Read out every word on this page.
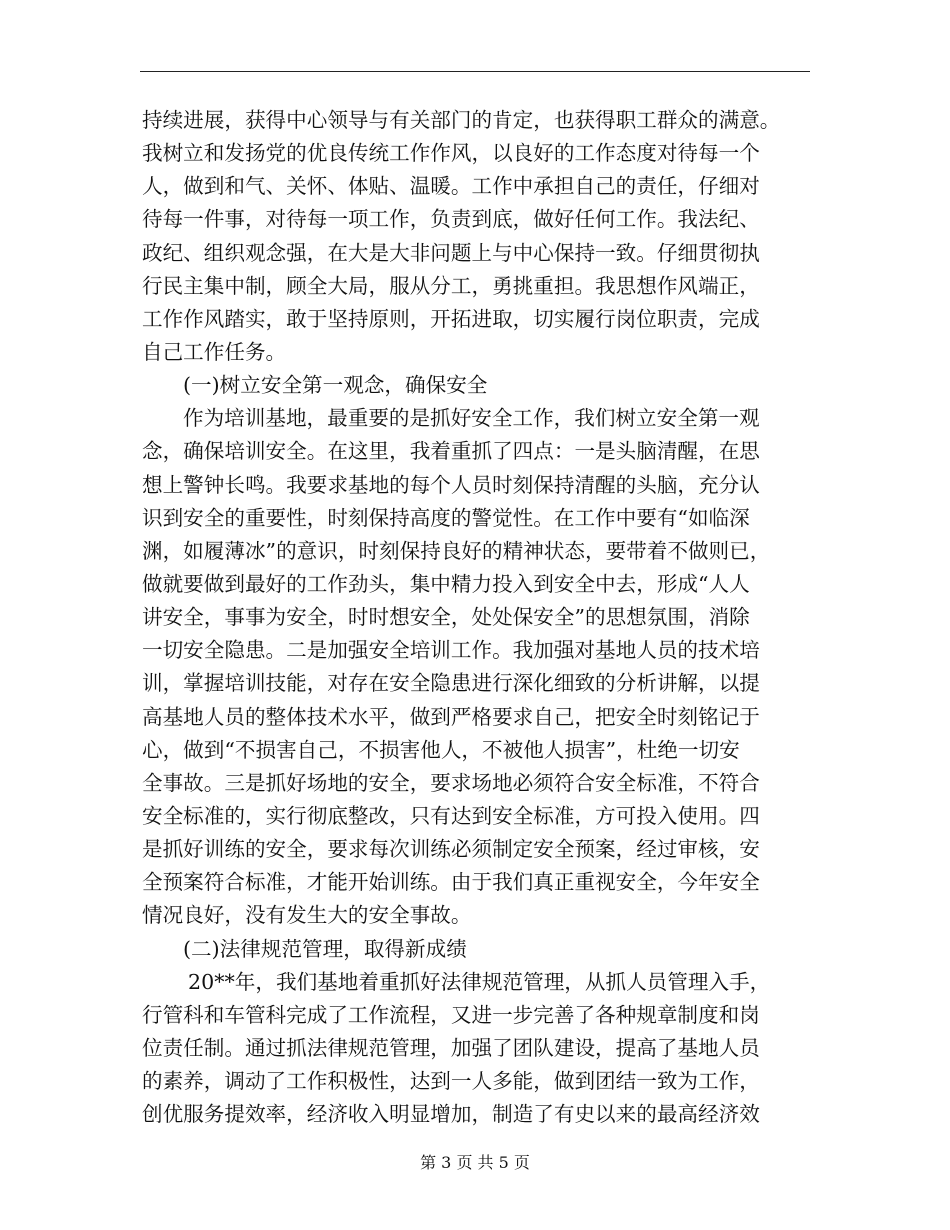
持续进展，获得中心领导与有关部门的肯定，也获得职工群众的满意。
我树立和发扬党的优良传统工作作风，以良好的工作态度对待每一个
人，做到和气、关怀、体贴、温暖。工作中承担自己的责任，仔细对
待每一件事，对待每一项工作，负责到底，做好任何工作。我法纪、
政纪、组织观念强，在大是大非问题上与中心保持一致。仔细贯彻执
行民主集中制，顾全大局，服从分工，勇挑重担。我思想作风端正，
工作作风踏实，敢于坚持原则，开拓进取，切实履行岗位职责，完成
自己工作任务。
(一)树立安全第一观念，确保安全
作为培训基地，最重要的是抓好安全工作，我们树立安全第一观
念，确保培训安全。在这里，我着重抓了四点：一是头脑清醒，在思
想上警钟长鸣。我要求基地的每个人员时刻保持清醒的头脑，充分认
识到安全的重要性，时刻保持高度的警觉性。在工作中要有“如临深
渊，如履薄冰”的意识，时刻保持良好的精神状态，要带着不做则已，
做就要做到最好的工作劲头，集中精力投入到安全中去，形成“人人
讲安全，事事为安全，时时想安全，处处保安全”的思想氛围，消除
一切安全隐患。二是加强安全培训工作。我加强对基地人员的技术培
训，掌握培训技能，对存在安全隐患进行深化细致的分析讲解，以提
高基地人员的整体技术水平，做到严格要求自己，把安全时刻铭记于
心，做到“不损害自己，不损害他人，不被他人损害”，杜绝一切安
全事故。三是抓好场地的安全，要求场地必须符合安全标准，不符合
安全标准的，实行彻底整改，只有达到安全标准，方可投入使用。四
是抓好训练的安全，要求每次训练必须制定安全预案，经过审核，安
全预案符合标准，才能开始训练。由于我们真正重视安全，今年安全
情况良好，没有发生大的安全事故。
(二)法律规范管理，取得新成绩
20**年，我们基地着重抓好法律规范管理，从抓人员管理入手，
行管科和车管科完成了工作流程，又进一步完善了各种规章制度和岗
位责任制。通过抓法律规范管理，加强了团队建设，提高了基地人员
的素养，调动了工作积极性，达到一人多能，做到团结一致为工作，
创优服务提效率，经济收入明显增加，制造了有史以来的最高经济效
第 3 页 共 5 页
